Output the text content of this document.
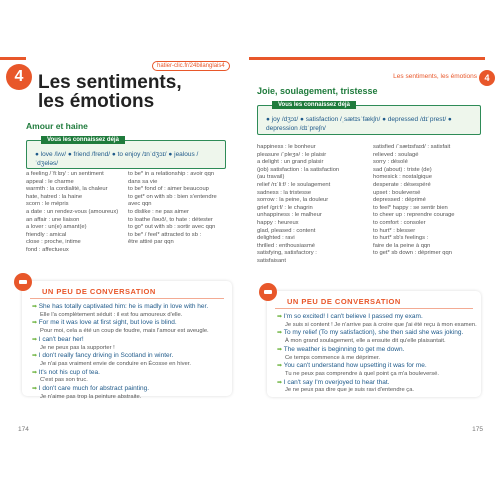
4 Les sentiments,
les émotions
hatier-clic.fr/24bilanglais4
Amour et haine
Vous les connaissez déjà
● love /lʌv/ ● friend /frend/ ● to enjoy /ɪnˈdʒɔɪ/ ● jealous /ˈdʒeləs/
a feeling /ˈfiːlɪŋ/ : un sentiment
appeal : le charme
warmth : la cordialité, la chaleur
hate, hatred : la haine
scorn : le mépris
a date : un rendez-vous (amoureux)
an affair : une liaison
a lover : un(e) amant(e)
friendly : amical
close : proche, intime
fond : affectueux
to be* in a relationship : avoir qqn
dans sa vie
to be* fond of : aimer beaucoup
to get* on with sb : bien s'entendre
avec qqn
to dislike : ne pas aimer
to loathe /ləʊð/, to hate : détester
to go* out with sb : sortir avec qqn
to be* / feel* attracted to sb :
être attiré par qqn
UN PEU DE CONVERSATION
➡ She has totally captivated him: he is madly in love with her.
Elle l'a complètement séduit : il est fou amoureux d'elle.
➡ For me it was love at first sight, but love is blind.
Pour moi, cela a été un coup de foudre, mais l'amour est aveugle.
➡ I can't bear her!
Je ne peux pas la supporter !
➡ I don't really fancy driving in Scotland in winter.
Je n'ai pas vraiment envie de conduire en Écosse en hiver.
➡ It's not his cup of tea.
C'est pas son truc.
➡ I don't care much for abstract painting.
Je n'aime pas trop la peinture abstraite.
174
Les sentiments, les émotions 4
Joie, soulagement, tristesse
Vous les connaissez déjà
● joy /dʒɔɪ/ ● satisfaction /ˌsætɪsˈfækʃn/ ● depressed /dɪˈprest/ ● depression /dɪˈpreʃn/
happiness : le bonheur
pleasure /ˈpleʒə/ : le plaisir
a delight : un grand plaisir
(job) satisfaction : la satisfaction
(au travail)
relief /rɪˈliːf/ : le soulagement
sadness : la tristesse
sorrow : la peine, la douleur
grief /ɡriːf/ : le chagrin
unhappiness : le malheur
happy : heureux
glad, pleased : content
delighted : ravi
thrilled : enthousiasmé
satisfying, satisfactory :
satisfaisant
satisfied /ˈsætɪsfaɪd/ : satisfait
relieved : soulagé
sorry : désolé
sad (about) : triste (de)
homesick : nostalgique
desperate : désespéré
upset : bouleversé
depressed : déprimé
to feel* happy : se sentir bien
to cheer up : reprendre courage
to comfort : consoler
to hurt* : blesser
to hurt* sb's feelings :
faire de la peine à qqn
to get* sb down : déprimer qqn
UN PEU DE CONVERSATION
➡ I'm so excited! I can't believe I passed my exam.
Je suis si content ! Je n'arrive pas à croire que j'ai été reçu à mon examen.
➡ To my relief (To my satisfaction), she then said she was joking.
À mon grand soulagement, elle a ensuite dit qu'elle plaisantait.
➡ The weather is beginning to get me down.
Ce temps commence à me déprimer.
➡ You can't understand how upsetting it was for me.
Tu ne peux pas comprendre à quel point ça m'a bouleversé.
➡ I can't say I'm overjoyed to hear that.
Je ne peux pas dire que je suis ravi d'entendre ça.
175
